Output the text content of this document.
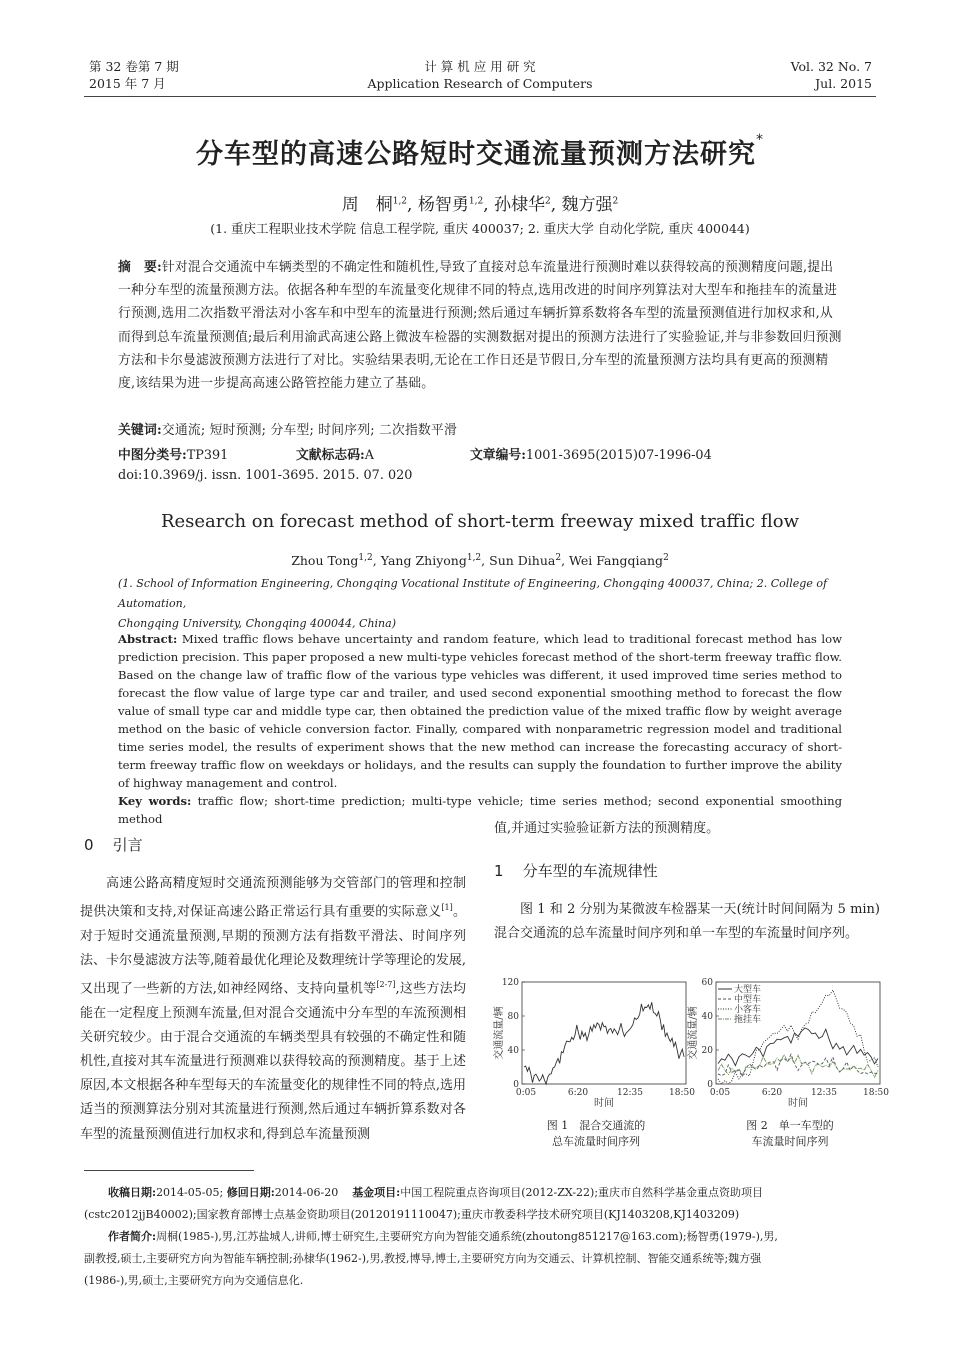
第 32 卷第 7 期
2015 年 7 月
计 算 机 应 用 研 究
Application Research of Computers
Vol. 32 No. 7
Jul. 2015
分车型的高速公路短时交通流量预测方法研究*
周　桐$^{1,2}$, 杨智勇$^{1,2}$, 孙棣华$^2$, 魏方强$^2$
(1. 重庆工程职业技术学院 信息工程学院, 重庆 400037; 2. 重庆大学 自动化学院, 重庆 400044)
摘　要:针对混合交通流中车辆类型的不确定性和随机性,导致了直接对总车流量进行预测时难以获得较高的预测精度问题,提出一种分车型的流量预测方法。依据各种车型的车流量变化规律不同的特点,选用改进的时间序列算法对大型车和拖挂车的流量进行预测,选用二次指数平滑法对小客车和中型车的流量进行预测;然后通过车辆折算系数将各车型的流量预测值进行加权求和,从而得到总车流量预测值;最后利用渝武高速公路上微波车检器的实测数据对提出的预测方法进行了实验验证,并与非参数回归预测方法和卡尔曼滤波预测方法进行了对比。实验结果表明,无论在工作日还是节假日,分车型的流量预测方法均具有更高的预测精度,该结果为进一步提高高速公路管控能力建立了基础。
关键词:交通流; 短时预测; 分车型; 时间序列; 二次指数平滑
中图分类号:TP391	文献标志码:A	文章编号:1001-3695(2015)07-1996-04
doi:10.3969/j. issn. 1001-3695. 2015. 07. 020
Research on forecast method of short-term freeway mixed traffic flow
Zhou Tong$^{1,2}$, Yang Zhiyong$^{1,2}$, Sun Dihua$^2$, Wei Fangqiang$^2$
(1. School of Information Engineering, Chongqing Vocational Institute of Engineering, Chongqing 400037, China; 2. College of Automation,
Chongqing University, Chongqing 400044, China)
Abstract: Mixed traffic flows behave uncertainty and random feature, which lead to traditional forecast method has low prediction precision. This paper proposed a new multi-type vehicles forecast method of the short-term freeway traffic flow. Based on the change law of traffic flow of the various type vehicles was different, it used improved time series method to forecast the flow value of large type car and trailer, and used second exponential smoothing method to forecast the flow value of small type car and middle type car, then obtained the prediction value of the mixed traffic flow by weight average method on the basic of vehicle conversion factor. Finally, compared with nonparametric regression model and traditional time series model, the results of experiment shows that the new method can increase the forecasting accuracy of short-term freeway traffic flow on weekdays or holidays, and the results can supply the foundation to further improve the ability of highway management and control.
Key words: traffic flow; short-time prediction; multi-type vehicle; time series method; second exponential smoothing method
0 引言
高速公路高精度短时交通流预测能够为交管部门的管理和控制提供决策和支持,对保证高速公路正常运行具有重要的实际意义[1]。对于短时交通流量预测,早期的预测方法有指数平滑法、时间序列法、卡尔曼滤波方法等,随着最优化理论及数理统计学等理论的发展,又出现了一些新的方法,如神经网络、支持向量机等[2-7],这些方法均能在一定程度上预测车流量,但对混合交通流中分车型的车流预测相关研究较少。由于混合交通流的车辆类型具有较强的不确定性和随机性,直接对其车流量进行预测难以获得较高的预测精度。基于上述原因,本文根据各种车型每天的车流量变化的规律性不同的特点,选用适当的预测算法分别对其流量进行预测,然后通过车辆折算系数对各车型的流量预测值进行加权求和,得到总车流量预测
值,并通过实验验证新方法的预测精度。
1 分车型的车流规律性
图 1 和 2 分别为某微波车检器某一天(统计时间间隔为 5 min)混合交通流的总车流量时间序列和单一车型的车流量时间序列。
120
80
40
0
0:05	6:20	12:35	18:50
时间
交通流量/辆
60
40
20
0
0:05	6:20	12:35	18:50
时间
交通流量/辆
大型车
中型车
小客车
拖挂车
图 1　混合交通流的
总车流量时间序列
图 2　单一车型的
车流量时间序列
收稿日期:2014-05-05; 修回日期:2014-06-20 基金项目:中国工程院重点咨询项目(2012-ZX-22);重庆市自然科学基金重点资助项目
(cstc2012jjB40002);国家教育部博士点基金资助项目(20120191110047);重庆市教委科学技术研究项目(KJ1403208,KJ1403209)
作者简介:周桐(1985-),男,江苏盐城人,讲师,博士研究生,主要研究方向为智能交通系统(zhoutong851217@163.com);杨智勇(1979-),男,
副教授,硕士,主要研究方向为智能车辆控制;孙棣华(1962-),男,教授,博导,博士,主要研究方向为交通云、计算机控制、智能交通系统等;魏方强
(1986-),男,硕士,主要研究方向为交通信息化.
